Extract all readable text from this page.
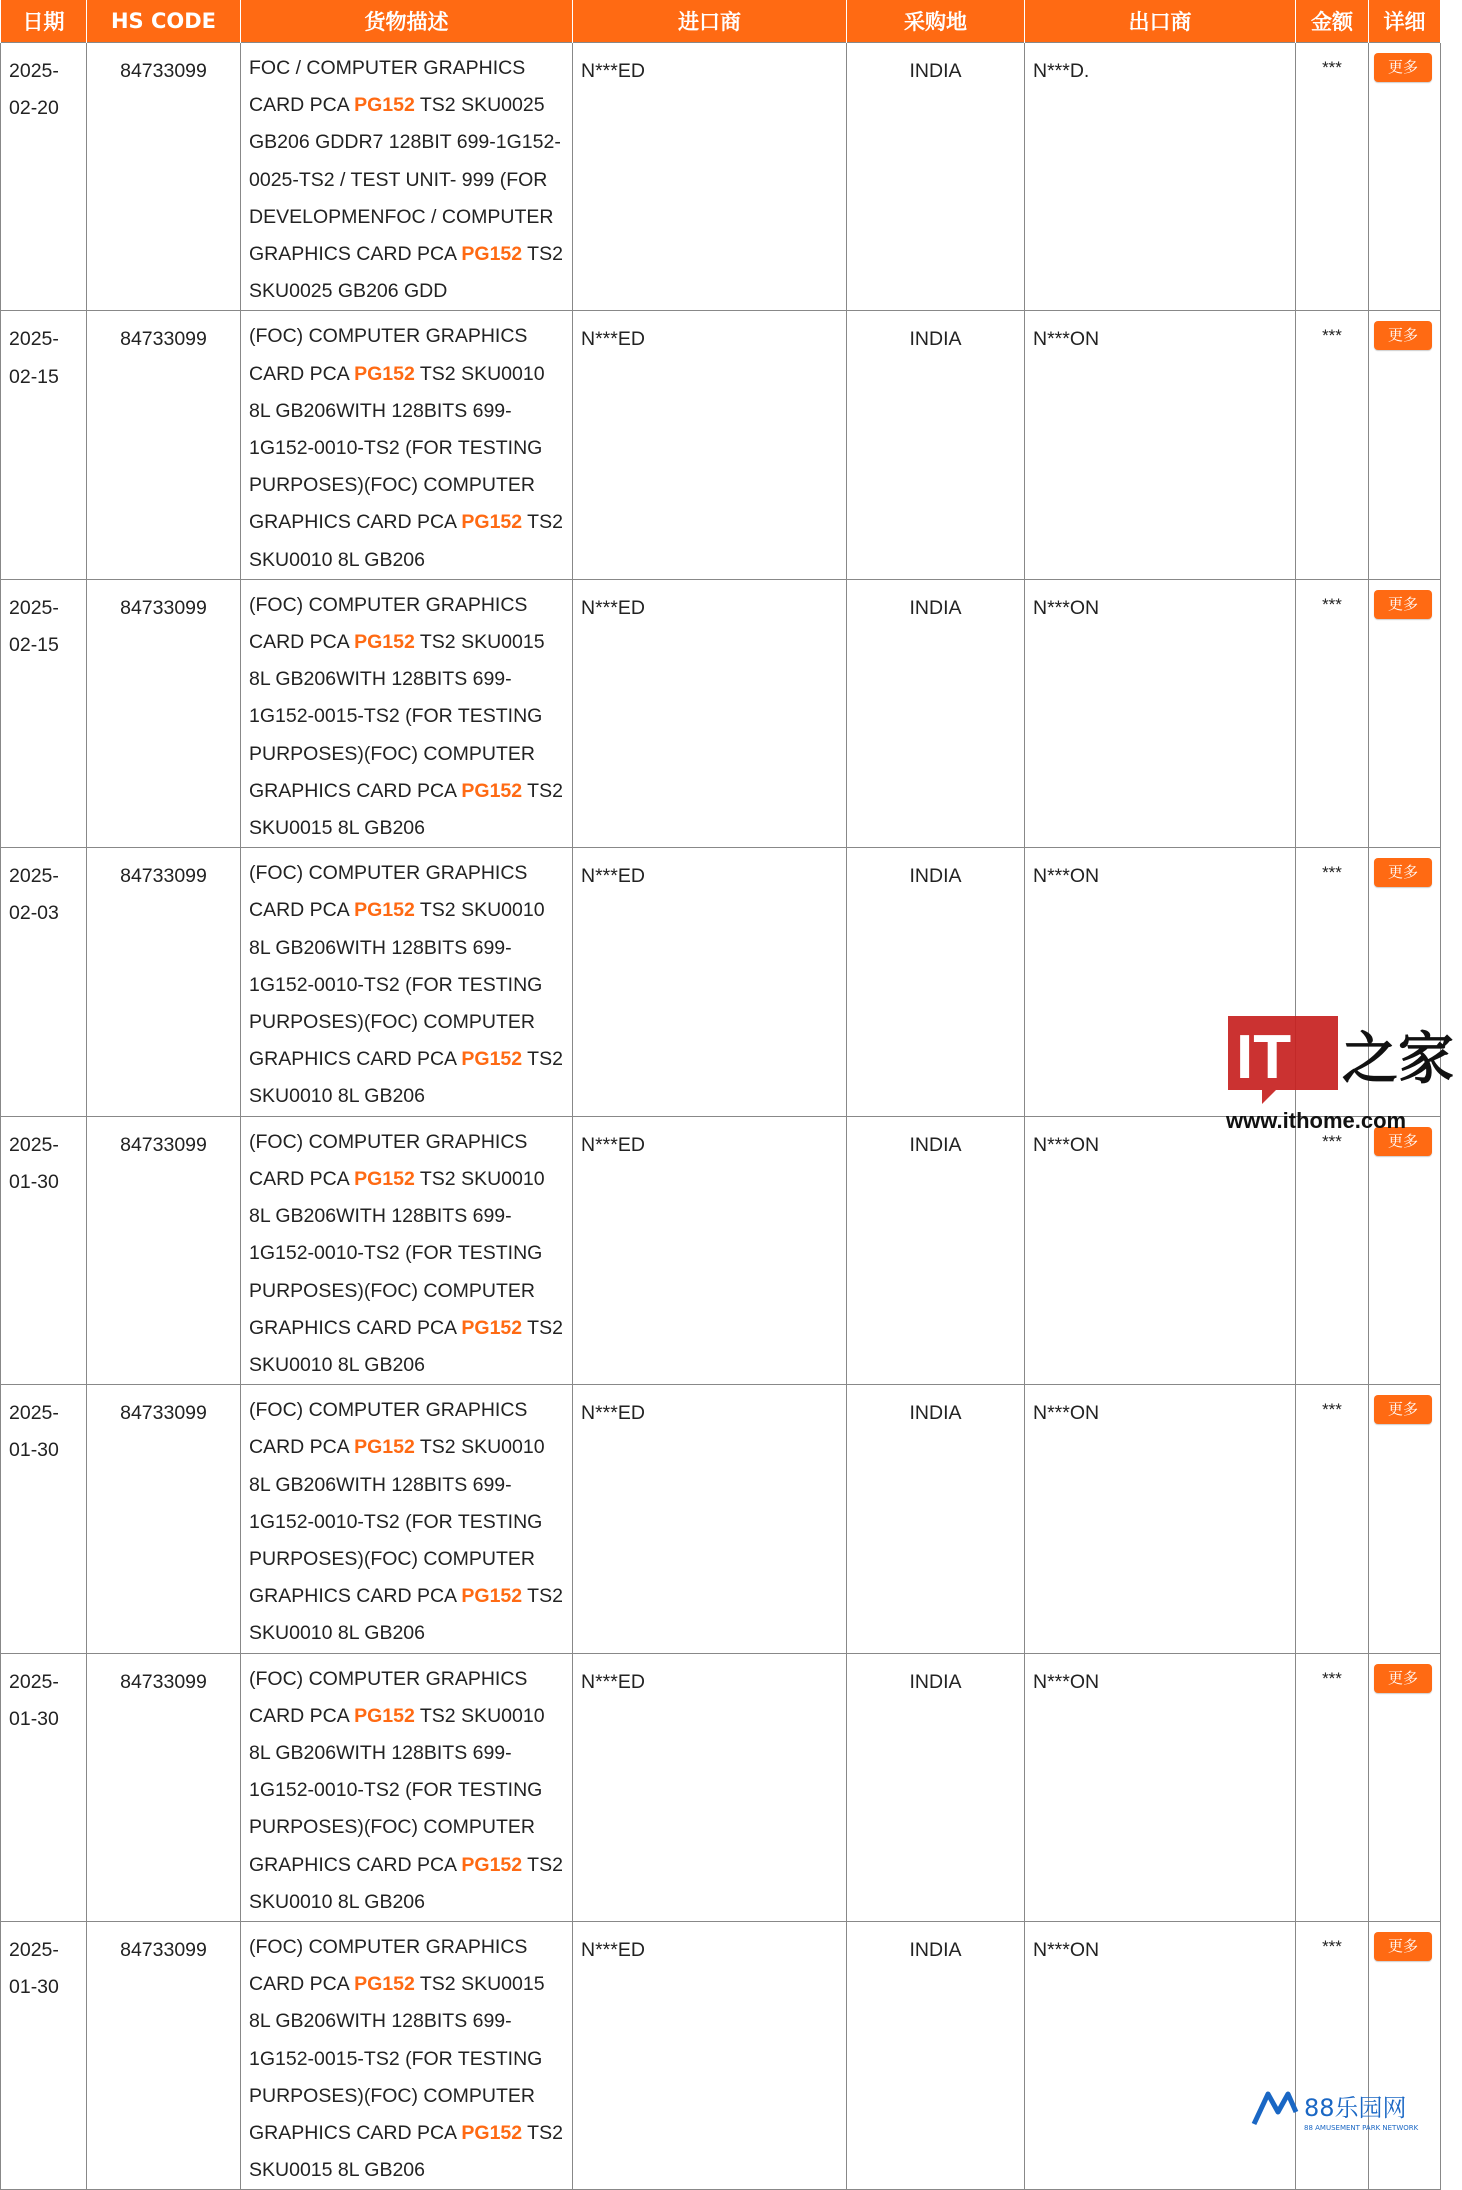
日期	HS CODE	货物描述	进口商	采购地	出口商	金额	详细

2025-02-20	84733099	FOC / COMPUTER GRAPHICS CARD PCA PG152 TS2 SKU0025 GB206 GDDR7 128BIT 699-1G152-0025-TS2 / TEST UNIT- 999 (FOR DEVELOPMENFOC / COMPUTER GRAPHICS CARD PCA PG152 TS2 SKU0025 GB206 GDD	N***ED	INDIA	N***D.	***	更多

2025-02-15	84733099	(FOC) COMPUTER GRAPHICS CARD PCA PG152 TS2 SKU0010 8L GB206WITH 128BITS 699-1G152-0010-TS2 (FOR TESTING PURPOSES)(FOC) COMPUTER GRAPHICS CARD PCA PG152 TS2 SKU0010 8L GB206	N***ED	INDIA	N***ON	***	更多

2025-02-15	84733099	(FOC) COMPUTER GRAPHICS CARD PCA PG152 TS2 SKU0015 8L GB206WITH 128BITS 699-1G152-0015-TS2 (FOR TESTING PURPOSES)(FOC) COMPUTER GRAPHICS CARD PCA PG152 TS2 SKU0015 8L GB206	N***ED	INDIA	N***ON	***	更多

2025-02-03	84733099	(FOC) COMPUTER GRAPHICS CARD PCA PG152 TS2 SKU0010 8L GB206WITH 128BITS 699-1G152-0010-TS2 (FOR TESTING PURPOSES)(FOC) COMPUTER GRAPHICS CARD PCA PG152 TS2 SKU0010 8L GB206	N***ED	INDIA	N***ON	***	更多

2025-01-30	84733099	(FOC) COMPUTER GRAPHICS CARD PCA PG152 TS2 SKU0010 8L GB206WITH 128BITS 699-1G152-0010-TS2 (FOR TESTING PURPOSES)(FOC) COMPUTER GRAPHICS CARD PCA PG152 TS2 SKU0010 8L GB206	N***ED	INDIA	N***ON	***	更多

2025-01-30	84733099	(FOC) COMPUTER GRAPHICS CARD PCA PG152 TS2 SKU0010 8L GB206WITH 128BITS 699-1G152-0010-TS2 (FOR TESTING PURPOSES)(FOC) COMPUTER GRAPHICS CARD PCA PG152 TS2 SKU0010 8L GB206	N***ED	INDIA	N***ON	***	更多

2025-01-30	84733099	(FOC) COMPUTER GRAPHICS CARD PCA PG152 TS2 SKU0010 8L GB206WITH 128BITS 699-1G152-0010-TS2 (FOR TESTING PURPOSES)(FOC) COMPUTER GRAPHICS CARD PCA PG152 TS2 SKU0010 8L GB206	N***ED	INDIA	N***ON	***	更多

2025-01-30	84733099	(FOC) COMPUTER GRAPHICS CARD PCA PG152 TS2 SKU0015 8L GB206WITH 128BITS 699-1G152-0015-TS2 (FOR TESTING PURPOSES)(FOC) COMPUTER GRAPHICS CARD PCA PG152 TS2 SKU0015 8L GB206	N***ED	INDIA	N***ON	***	更多
IT 之家
www.ithome.com
88乐园网
88 AMUSEMENT PARK NETWORK
